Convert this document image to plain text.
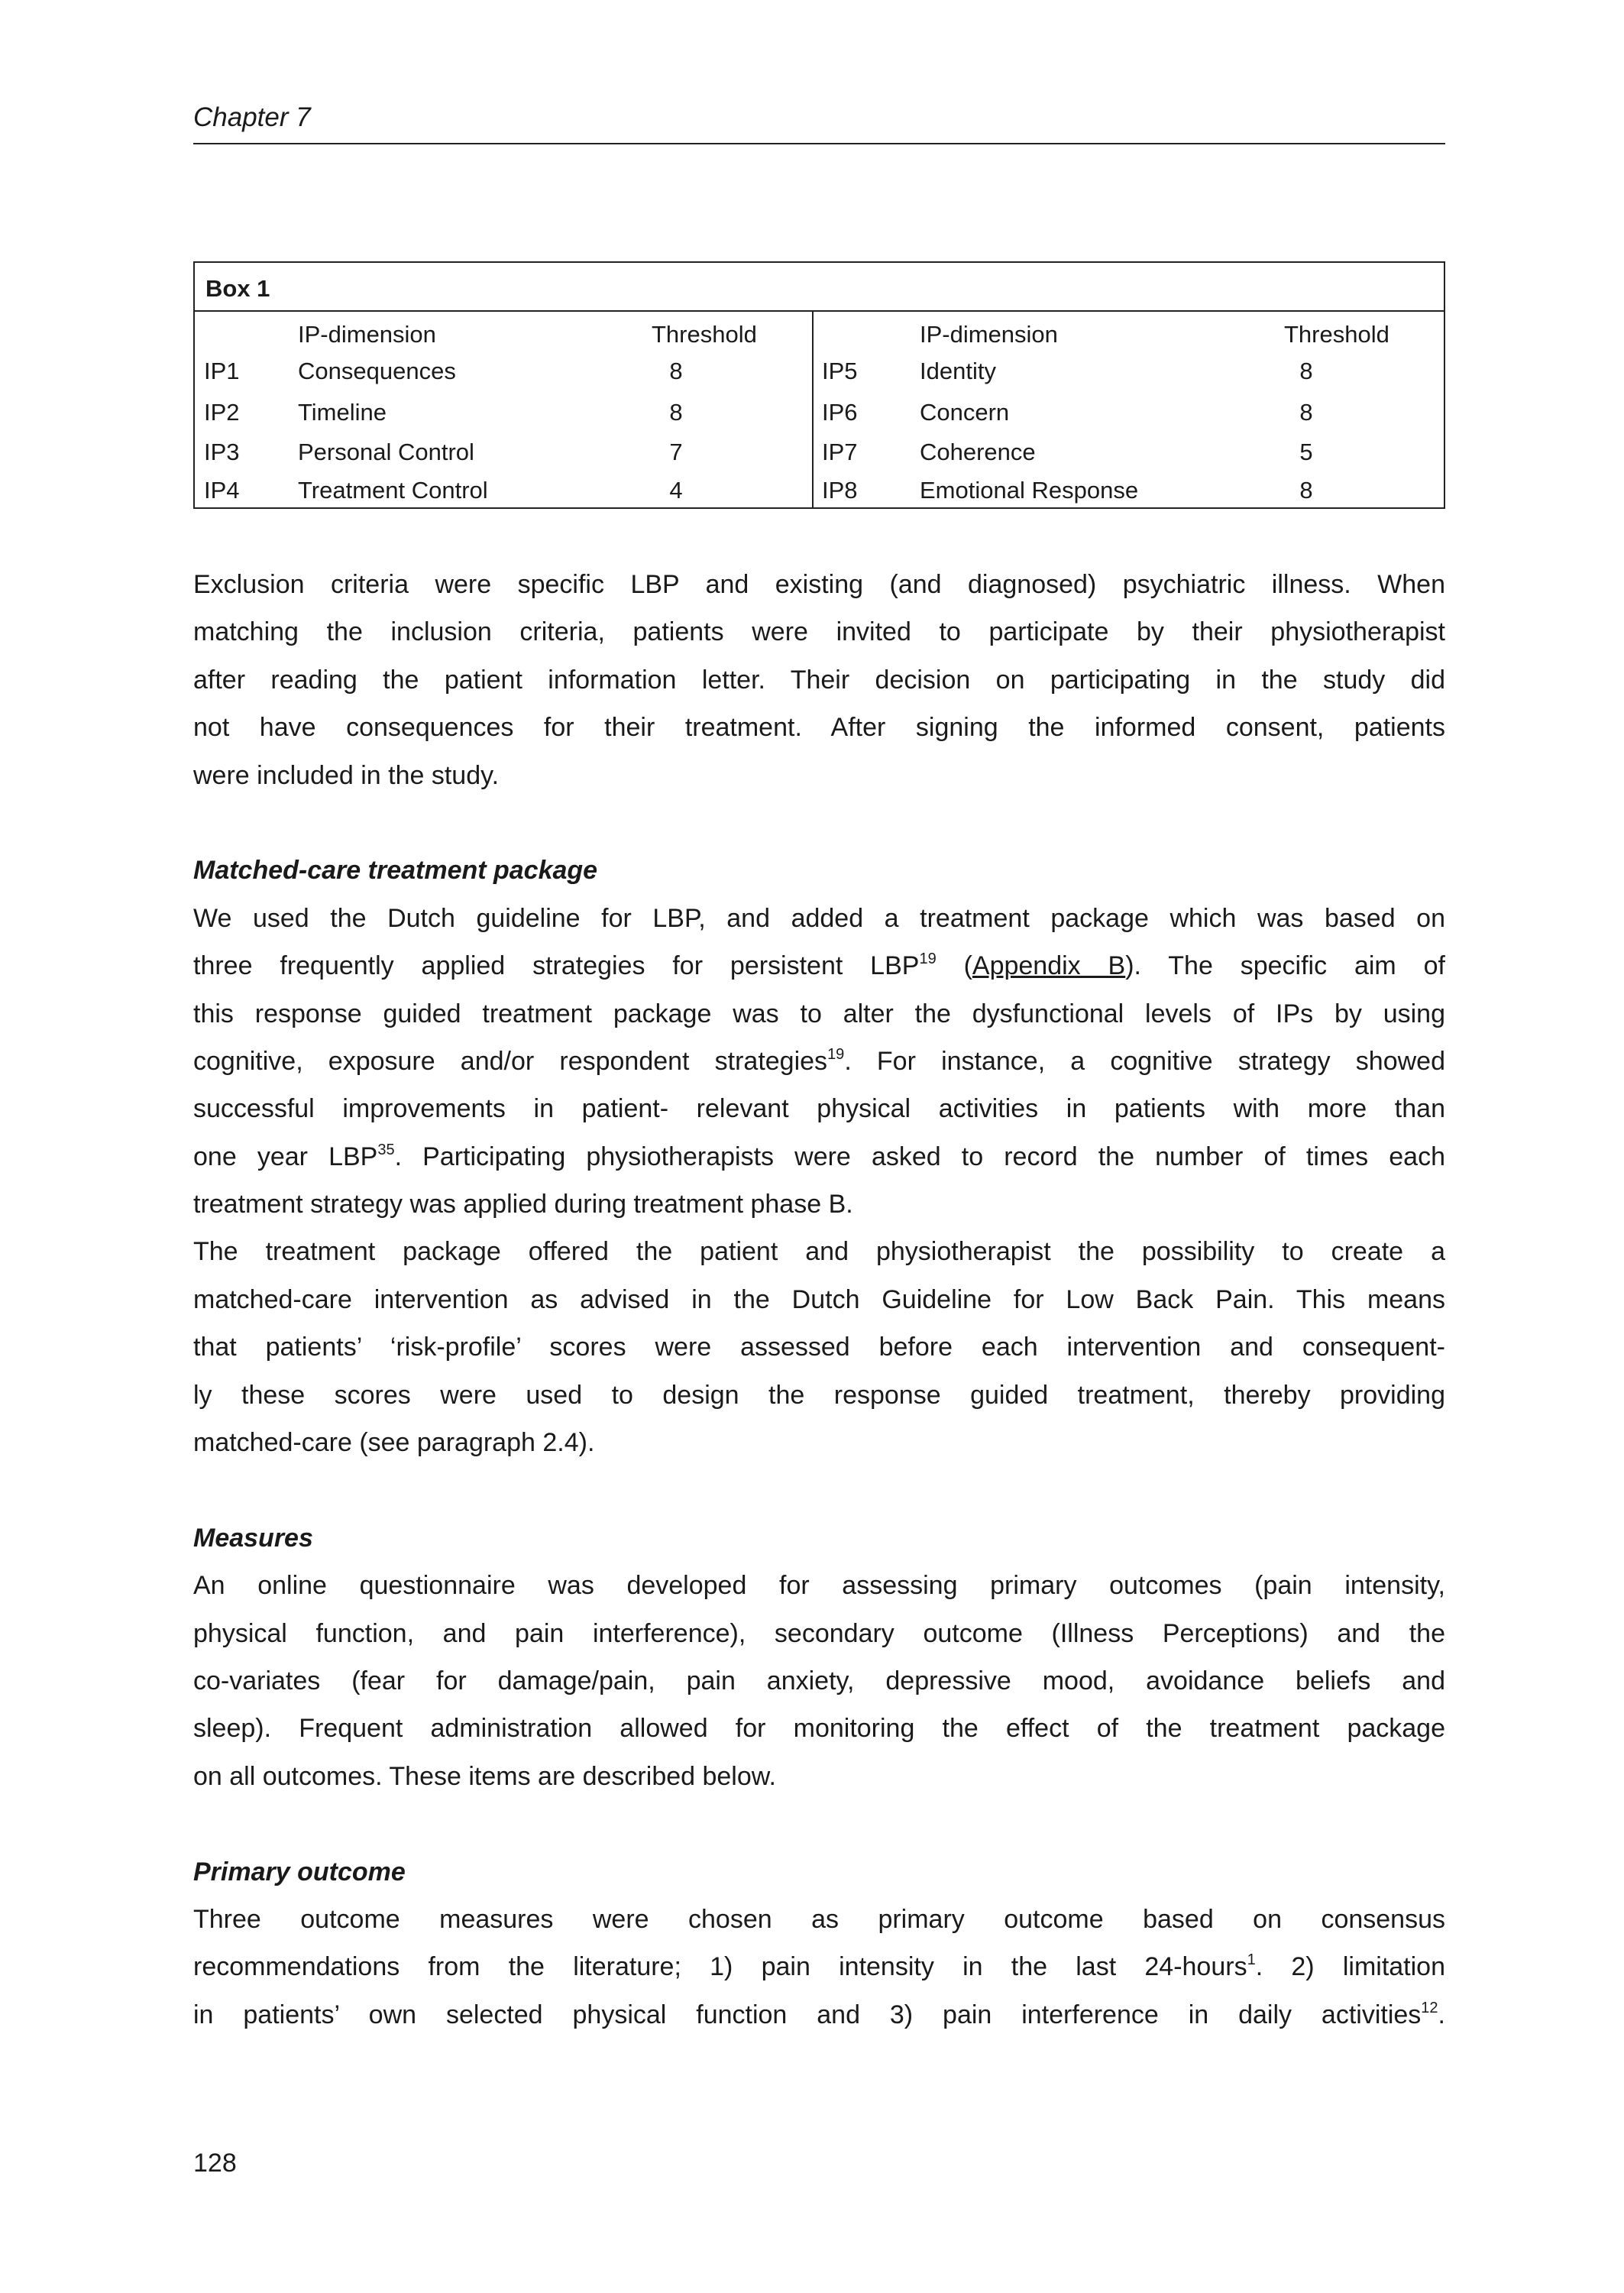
Chapter 7
Box 1
IP-dimension	Threshold
IP1 Consequences	8
IP2 Timeline	8
IP3 Personal Control	7
IP4 Treatment Control	4
IP-dimension	Threshold
IP5	Identity	8
IP6	Concern	8
IP7	Coherence	5
IP8	Emotional Response	8
Exclusion criteria were specific LBP and existing (and diagnosed) psychiatric illness. When
matching the inclusion criteria, patients were invited to participate by their physiotherapist
after reading the patient information letter. Their decision on participating in the study did
not have consequences for their treatment. After signing the informed consent, patients
were included in the study.
Matched-care treatment package
We used the Dutch guideline for LBP, and added a treatment package which was based on
three frequently applied strategies for persistent LBP$^{19}$ (Appendix B). The specific aim of
this response guided treatment package was to alter the dysfunctional levels of IPs by using
cognitive, exposure and/or respondent strategies$^{19}$. For instance, a cognitive strategy showed
successful improvements in patient- relevant physical activities in patients with more than
one year LBP$^{35}$. Participating physiotherapists were asked to record the number of times each
treatment strategy was applied during treatment phase B.
The treatment package offered the patient and physiotherapist the possibility to create a
matched-care intervention as advised in the Dutch Guideline for Low Back Pain. This means
that patients’ ‘risk-profile’ scores were assessed before each intervention and consequent-
ly these scores were used to design the response guided treatment, thereby providing
matched-care (see paragraph 2.4).
Measures
An online questionnaire was developed for assessing primary outcomes (pain intensity,
physical function, and pain interference), secondary outcome (Illness Perceptions) and the
co-variates (fear for damage/pain, pain anxiety, depressive mood, avoidance beliefs and
sleep). Frequent administration allowed for monitoring the effect of the treatment package
on all outcomes. These items are described below.
Primary outcome
Three outcome measures were chosen as primary outcome based on consensus
recommendations from the literature; 1) pain intensity in the last 24-hours$^1$. 2) limitation
in patients’ own selected physical function and 3) pain interference in daily activities$^{12}$.
128
